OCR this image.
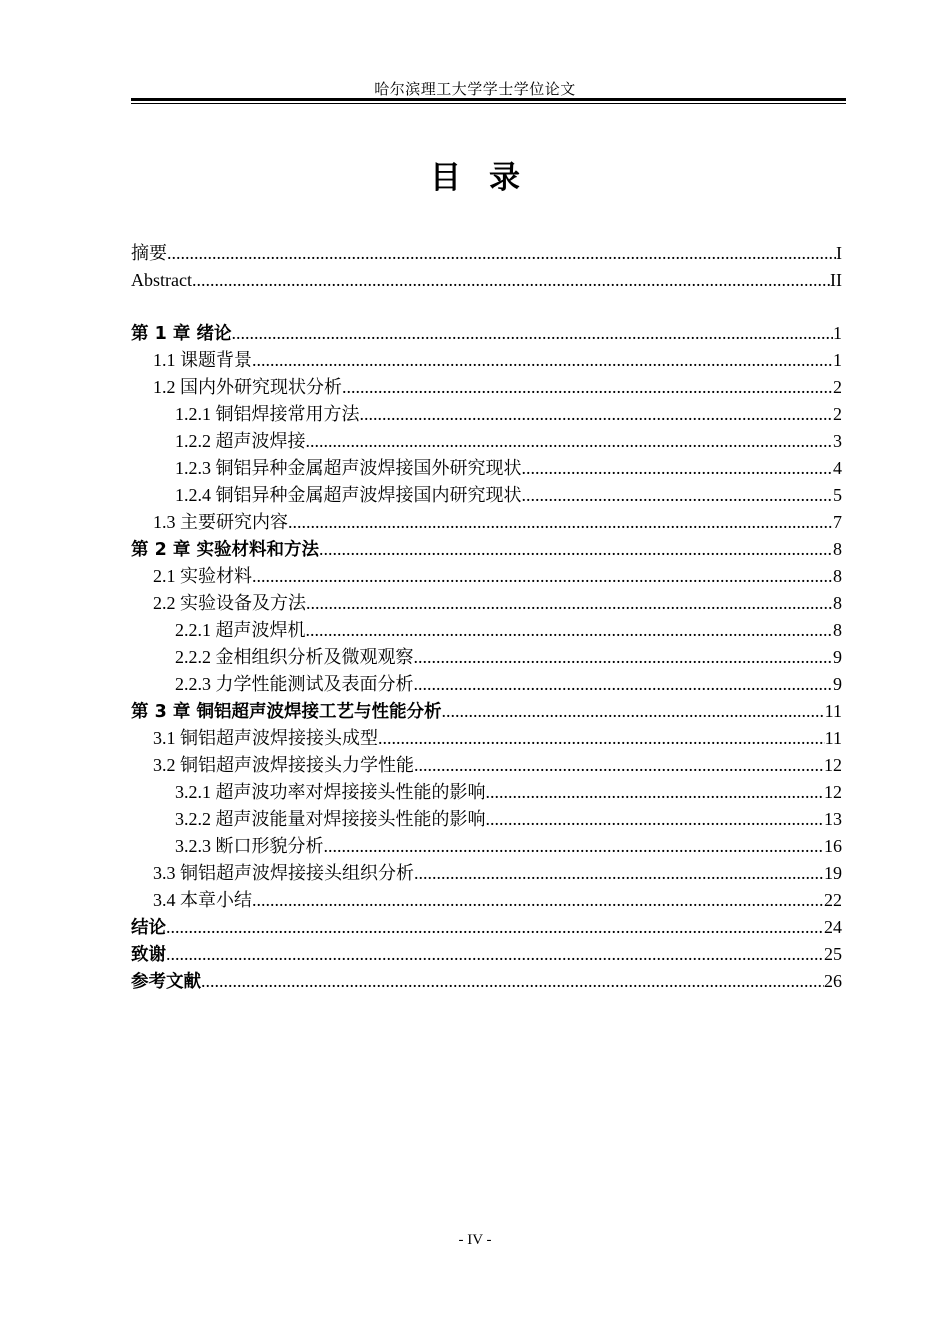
哈尔滨理工大学学士学位论文
目录
摘要 .....	I
Abstract .....	II
第 1 章 绪论 .....	1
1.1 课题背景 .....	1
1.2 国内外研究现状分析 .....	2
1.2.1 铜铝焊接常用方法 .....	2
1.2.2 超声波焊接 .....	3
1.2.3 铜铝异种金属超声波焊接国外研究现状 .....	4
1.2.4 铜铝异种金属超声波焊接国内研究现状 .....	5
1.3 主要研究内容 .....	7
第 2 章 实验材料和方法 .....	8
2.1 实验材料 .....	8
2.2 实验设备及方法 .....	8
2.2.1 超声波焊机 .....	8
2.2.2 金相组织分析及微观观察 .....	9
2.2.3 力学性能测试及表面分析 .....	9
第 3 章 铜铝超声波焊接工艺与性能分析 .....	11
3.1 铜铝超声波焊接接头成型 .....	11
3.2 铜铝超声波焊接接头力学性能 .....	12
3.2.1 超声波功率对焊接接头性能的影响 .....	12
3.2.2 超声波能量对焊接接头性能的影响 .....	13
3.2.3 断口形貌分析 .....	16
3.3 铜铝超声波焊接接头组织分析 .....	19
3.4 本章小结 .....	22
结论 .....	24
致谢 .....	25
参考文献 .....	26
- IV -
